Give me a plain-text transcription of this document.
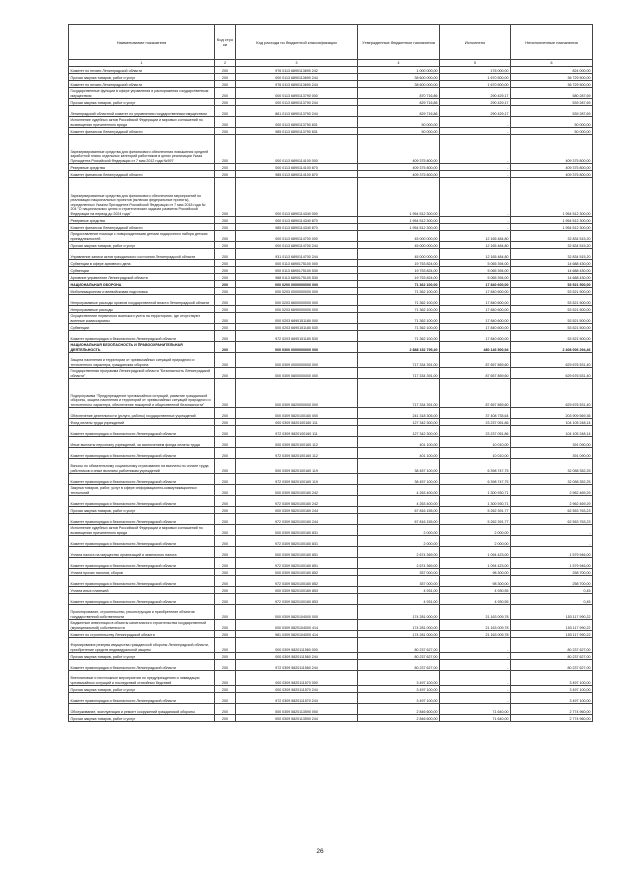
Наименование показателя	Код стро ки	Код расхода по бюджетной классификации	Утвержденные бюджетные назначения	Исполнено	Неисполненные назначения
1	2	3	4	5	6
Комитет по печати Ленинградской области	200	976 0113 6890113690 242	1 000 000,00	176 000,00	824 000,00
Прочая закупка товаров, работ и услуг	200	000 0113 6890113690 244	38 600 000,00	1 670 500,00	36 729 500,00
Комитет по печати Ленинградской области	200	976 0113 6890113690 244	38 600 000,00	1 670 500,00	36 729 500,00
Государственные функции в сфере управления и распоряжения государственным имуществом	200	000 0113 6890113790 000	870 716,86	290 429,17	580 287,69
Прочая закупка товаров, работ и услуг	200	000 0113 6890113790 244	829 716,86	290 429,17	539 287,69
Ленинградский областной комитет по управлению государственным имуществом	200	861 0113 6890113790 244	829 716,86	290 429,17	539 287,69
Исполнение судебных актов Российской Федерации и мировых соглашений по возмещению причиненного вреда	200	000 0113 6890113790 831	50 000,00	-	50 000,00
Комитет финансов Ленинградской области	200	985 0113 6890113790 831	50 000,00	-	50 000,00
Зарезервированные средства для финансового обеспечения повышения средней заработной платы отдельных категорий работников в целях реализации Указа Президента Российской Федерации от 7 мая 2012 года №597	200	000 0113 6890114100 000	409 375 800,00	-	409 375 800,00
Резервные средства	200	000 0113 6890114100 870	409 375 800,00	-	409 375 800,00
Комитет финансов Ленинградской области	200	985 0113 6890114100 870	409 375 800,00	-	409 375 800,00
Зарезервированные средства для финансового обеспечения мероприятий по реализации национальных проектов (включая федеральные проекты), определенных Указом Президента Российской Федерации от 7 мая 2018 года № 204 "О национальных целях и стратегических задачах развития Российской Федерации на период до 2024 года"	200	000 0113 6890114340 000	1 954 512 300,00	-	1 954 512 300,00
Резервные средства	200	000 0113 6890114340 870	1 954 512 300,00	-	1 954 512 300,00
Комитет финансов Ленинградской области	200	985 0113 6890114340 870	1 954 512 300,00	-	1 954 512 300,00
Предоставление помощи с новорожденными детьми подарочного набора детских принадлежностей	200	000 0113 6890114700 000	45 000 000,00	12 165 484,80	32 834 515,20
Прочая закупка товаров, работ и услуг	200	000 0113 6890114700 244	45 000 000,00	12 165 484,80	32 834 515,20
Управление записи актов гражданского состояния Ленинградской области	200	931 0113 6890114700 244	45 000 000,00	12 165 484,80	32 834 515,20
Субвенции в сфере архивного дела	200	000 0113 6890175100 000	19 753 824,00	5 065 394,00	14 688 430,00
Субвенции	200	000 0113 6890175100 530	19 753 824,00	5 065 394,00	14 688 430,00
Архивное управление Ленинградской области	200	988 0113 6890175100 530	19 753 824,00	5 065 394,00	14 688 430,00
НАЦИОНАЛЬНАЯ ОБОРОНА	200	000 0200 0000000000 000	71 362 100,00	17 840 600,00	53 521 500,00
Мобилизационная и вневойсковая подготовка	200	000 0203 0000000000 000	71 362 100,00	17 840 600,00	53 521 500,00
Непрограммные расходы органов государственной власти Ленинградской области	200	000 0203 6600000000 000	71 362 100,00	17 840 600,00	53 521 500,00
Непрограммные расходы	200	000 0203 6690000000 000	71 362 100,00	17 840 600,00	53 521 500,00
Осуществление первичного воинского учета на территориях, где отсутствуют военные комиссариаты	200	000 0203 6690151180 000	71 362 100,00	17 840 600,00	53 521 500,00
Субвенции	200	000 0203 6690151180 530	71 362 100,00	17 840 600,00	53 521 500,00
Комитет правопорядка и безопасности Ленинградской области	200	972 0203 6690151180 530	71 362 100,00	17 840 600,00	53 521 500,00
НАЦИОНАЛЬНАЯ БЕЗОПАСНОСТЬ И ПРАВООХРАНИТЕЛЬНАЯ ДЕЯТЕЛЬНОСТЬ	200	000 0300 0000000000 000	2 888 152 795,40	480 146 500,94	2 408 006 294,46
Защита населения и территории от чрезвычайных ситуаций природного и техногенного характера, гражданская оборона	200	000 0309 0000000000 000	717 334 391,00	87 657 859,60	629 676 531,40
Государственная программа Ленинградской области "Безопасность Ленинградской области"	200	000 0309 5800000000 000	717 334 391,00	87 657 859,60	629 676 531,40
Подпрограмма "Предупреждение чрезвычайных ситуаций, развитие гражданской обороны, защита населения и территорий от чрезвычайных ситуаций природного и техногенного характера, обеспечение пожарной и общественной безопасности"	200	000 0309 5820000000 000	717 334 391,00	87 657 859,60	629 676 531,40
Обеспечение деятельности (услуги, работы) государственных учреждений	200	000 0309 5820100160 000	241 318 305,00	37 408 735,64	203 909 569,36
Фонд оплаты труда учреждений	200	000 0309 5820100160 111	127 342 300,00	23 237 051,86	104 105 248,14
Комитет правопорядка и безопасности Ленинградской области	200	972 0309 5820100160 111	127 342 300,00	23 237 051,86	104 105 248,14
Иные выплаты персоналу учреждений, за исключением фонда оплаты труда	200	000 0309 5820100160 112	401 100,00	10 010,00	391 090,00
Комитет правопорядка и безопасности Ленинградской области	200	972 0309 5820100160 112	401 100,00	10 010,00	391 090,00
Взносы по обязательному социальному страхованию на выплаты по оплате труда работников и иные выплаты работникам учреждений	200	000 0309 5820100160 119	38 457 100,00	6 398 747,75	32 058 352,25
Комитет правопорядка и безопасности Ленинградской области	200	972 0309 5820100160 119	38 457 100,00	6 398 747,75	32 058 352,25
Закупка товаров, работ, услуг в сфере информационно-коммуникационных технологий	200	000 0309 5820100160 242	4 263 400,00	1 300 930,71	2 962 469,29
Комитет правопорядка и безопасности Ленинградской области	200	972 0309 5820100160 242	4 263 400,00	1 300 930,71	2 962 469,29
Прочая закупка товаров, работ и услуг	200	000 0309 5820100160 244	67 816 155,00	5 262 391,77	62 553 763,23
Комитет правопорядка и безопасности Ленинградской области	200	972 0309 5820100160 244	67 816 155,00	5 262 391,77	62 553 763,23
Исполнение судебных актов Российской Федерации и мировых соглашений по возмещению причиненного вреда	200	000 0309 5820100160 831	2 000,00	2 000,00	-
Комитет правопорядка и безопасности Ленинградской области	200	972 0309 5820100160 831	2 000,00	2 000,00	-
Уплата налога на имущество организаций и земельного налога	200	000 0309 5820100160 851	2 674 369,00	1 094 423,00	1 579 946,00
Комитет правопорядка и безопасности Ленинградской области	200	972 0309 5820100160 851	2 674 369,00	1 094 423,00	1 579 946,00
Уплата прочих налогов, сборов	200	000 0309 5820100160 852	357 000,00	98 300,00	258 700,00
Комитет правопорядка и безопасности Ленинградской области	200	972 0309 5820100160 852	357 000,00	98 300,00	258 700,00
Уплата иных платежей	200	000 0309 5820100160 853	4 931,00	4 930,55	0,45
Комитет правопорядка и безопасности Ленинградской области	200	972 0309 5820100160 853	4 931,00	4 930,55	0,45
Проектирование, строительство, реконструкция и приобретение объектов государственной собственности	200	000 0309 5820104000 000	174 281 000,00	21 163 009,78	153 117 990,22
Бюджетные инвестиции в объекты капитального строительства государственной (муниципальной) собственности	200	000 0309 5820104000 414	174 281 000,00	21 163 009,78	153 117 990,22
Комитет по строительству Ленинградской области	200	981 0309 5820104000 414	174 281 000,00	21 163 009,78	153 117 990,22
Формирование резерва имущества гражданской обороны Ленинградской области, приобретение средств индивидуальной защиты	200	000 0309 5820111560 000	80 237 627,00	-	80 237 627,00
Прочая закупка товаров, работ и услуг	200	000 0309 5820111560 244	80 237 627,00	-	80 237 627,00
Комитет правопорядка и безопасности Ленинградской области	200	972 0309 5820111560 244	80 237 627,00	-	80 237 627,00
Внеплановые и неотложные мероприятия по предупреждению и ликвидации чрезвычайных ситуаций и последствий стихийных бедствий	200	000 0309 5820111570 000	3 497 100,00	-	3 497 100,00
Прочая закупка товаров, работ и услуг	200	000 0309 5820111570 244	3 497 100,00	-	3 497 100,00
Комитет правопорядка и безопасности Ленинградской области	200	972 0309 5820111570 244	3 497 100,00	-	3 497 100,00
Обслуживание, эксплуатация и ремонт сооружений гражданской обороны	200	000 0309 5820113590 000	2 846 600,00	71 640,00	2 774 960,00
Прочая закупка товаров, работ и услуг	200	000 0309 5820113590 244	2 846 600,00	71 640,00	2 774 960,00
26
